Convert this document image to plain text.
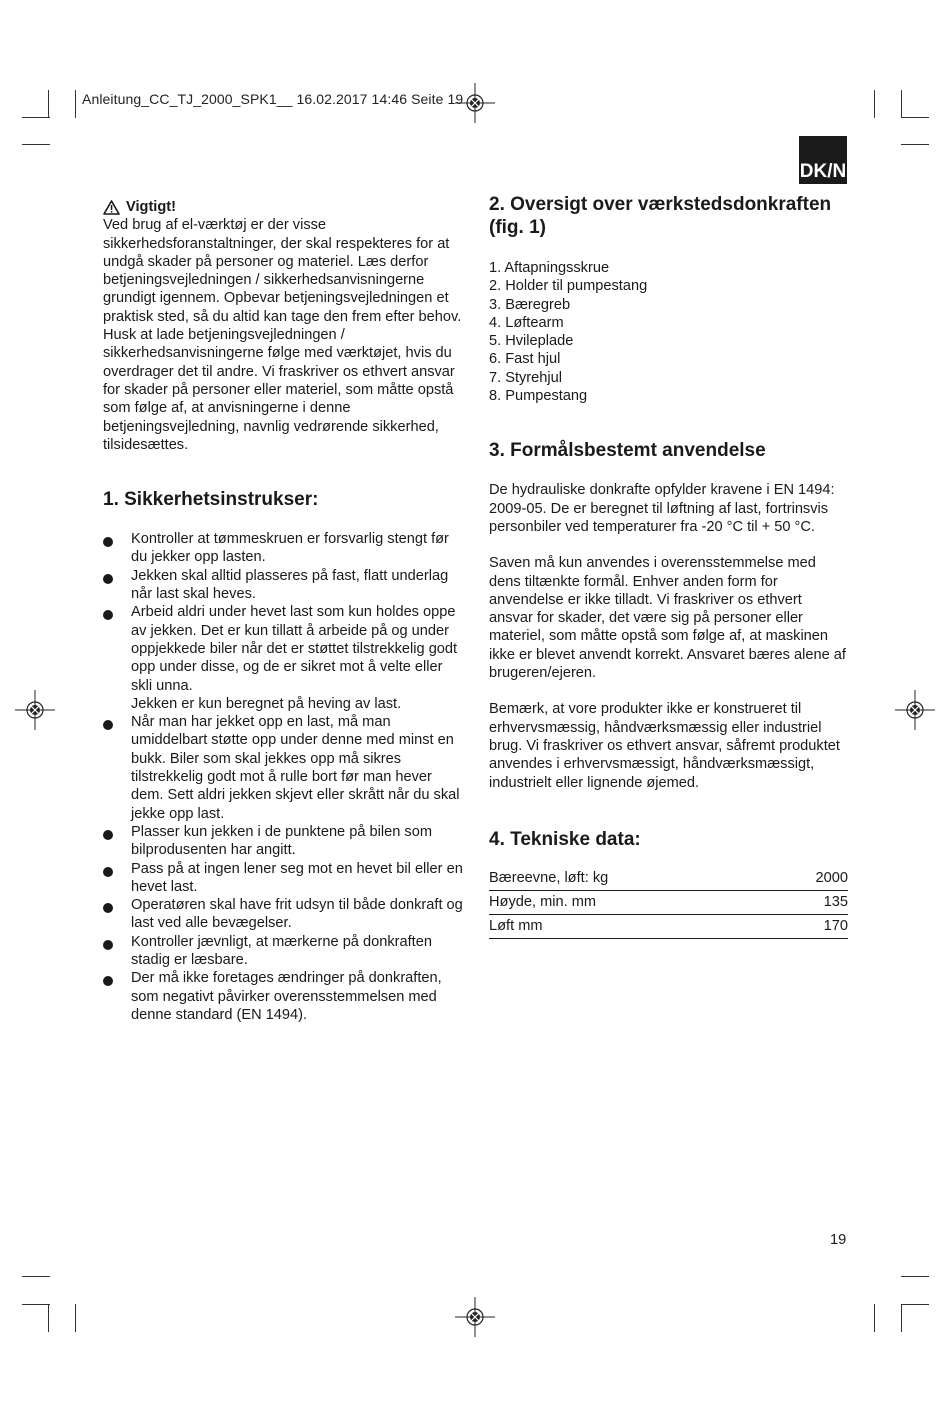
Anleitung_CC_TJ_2000_SPK1__ 16.02.2017 14:46 Seite 19
DK/N
Vigtigt!

Ved brug af el-værktøj er der visse sikkerhedsforanstaltninger, der skal respekteres for at undgå skader på personer og materiel. Læs derfor betjeningsvejledningen / sikkerhedsanvisningerne grundigt igennem. Opbevar betjeningsvejledningen et praktisk sted, så du altid kan tage den frem efter behov. Husk at lade betjeningsvejledningen / sikkerhedsanvisningerne følge med værktøjet, hvis du overdrager det til andre. Vi fraskriver os ethvert ansvar for skader på personer eller materiel, som måtte opstå som følge af, at anvisningerne i denne betjeningsvejledning, navnlig vedrørende sikkerhed, tilsidesættes.

1. Sikkerhetsinstrukser:
Kontroller at tømmeskruen er forsvarlig stengt før du jekker opp lasten.
Jekken skal alltid plasseres på fast, flatt underlag når last skal heves.
Arbeid aldri under hevet last som kun holdes oppe av jekken. Det er kun tillatt å arbeide på og under oppjekkede biler når det er støttet tilstrekkelig godt opp under disse, og de er sikret mot å velte eller skli unna.
Jekken er kun beregnet på heving av last.
Når man har jekket opp en last, må man umiddelbart støtte opp under denne med minst en bukk. Biler som skal jekkes opp må sikres tilstrekkelig godt mot å rulle bort før man hever dem. Sett aldri jekken skjevt eller skrått når du skal jekke opp last.
Plasser kun jekken i de punktene på bilen som bilprodusenten har angitt.
Pass på at ingen lener seg mot en hevet bil eller en hevet last.
Operatøren skal have frit udsyn til både donkraft og last ved alle bevægelser.
Kontroller jævnligt, at mærkerne på donkraften stadig er læsbare.
Der må ikke foretages ændringer på donkraften, som negativt påvirker overensstemmelsen med denne standard (EN 1494).
2. Oversigt over værkstedsdonkraften (fig. 1)
1. Aftapningsskrue
2. Holder til pumpestang
3. Bæregreb
4. Løftearm
5. Hvileplade
6. Fast hjul
7. Styrehjul
8. Pumpestang
3. Formålsbestemt anvendelse

De hydrauliske donkrafte opfylder kravene i EN 1494: 2009-05. De er beregnet til løftning af last, fortrinsvis personbiler ved temperaturer fra -20 °C til + 50 °C.

Saven må kun anvendes i overensstemmelse med dens tiltænkte formål. Enhver anden form for anvendelse er ikke tilladt. Vi fraskriver os ethvert ansvar for skader, det være sig på personer eller materiel, som måtte opstå som følge af, at maskinen ikke er blevet anvendt korrekt. Ansvaret bæres alene af brugeren/ejeren.

Bemærk, at vore produkter ikke er konstrueret til erhvervsmæssig, håndværksmæssig eller industriel brug. Vi fraskriver os ethvert ansvar, såfremt produktet anvendes i erhvervsmæssigt, håndværksmæssigt, industrielt eller lignende øjemed.

4. Tekniske data:
Bæreevne, løft: kg	2000
Høyde, min. mm	135
Løft mm	170
19
